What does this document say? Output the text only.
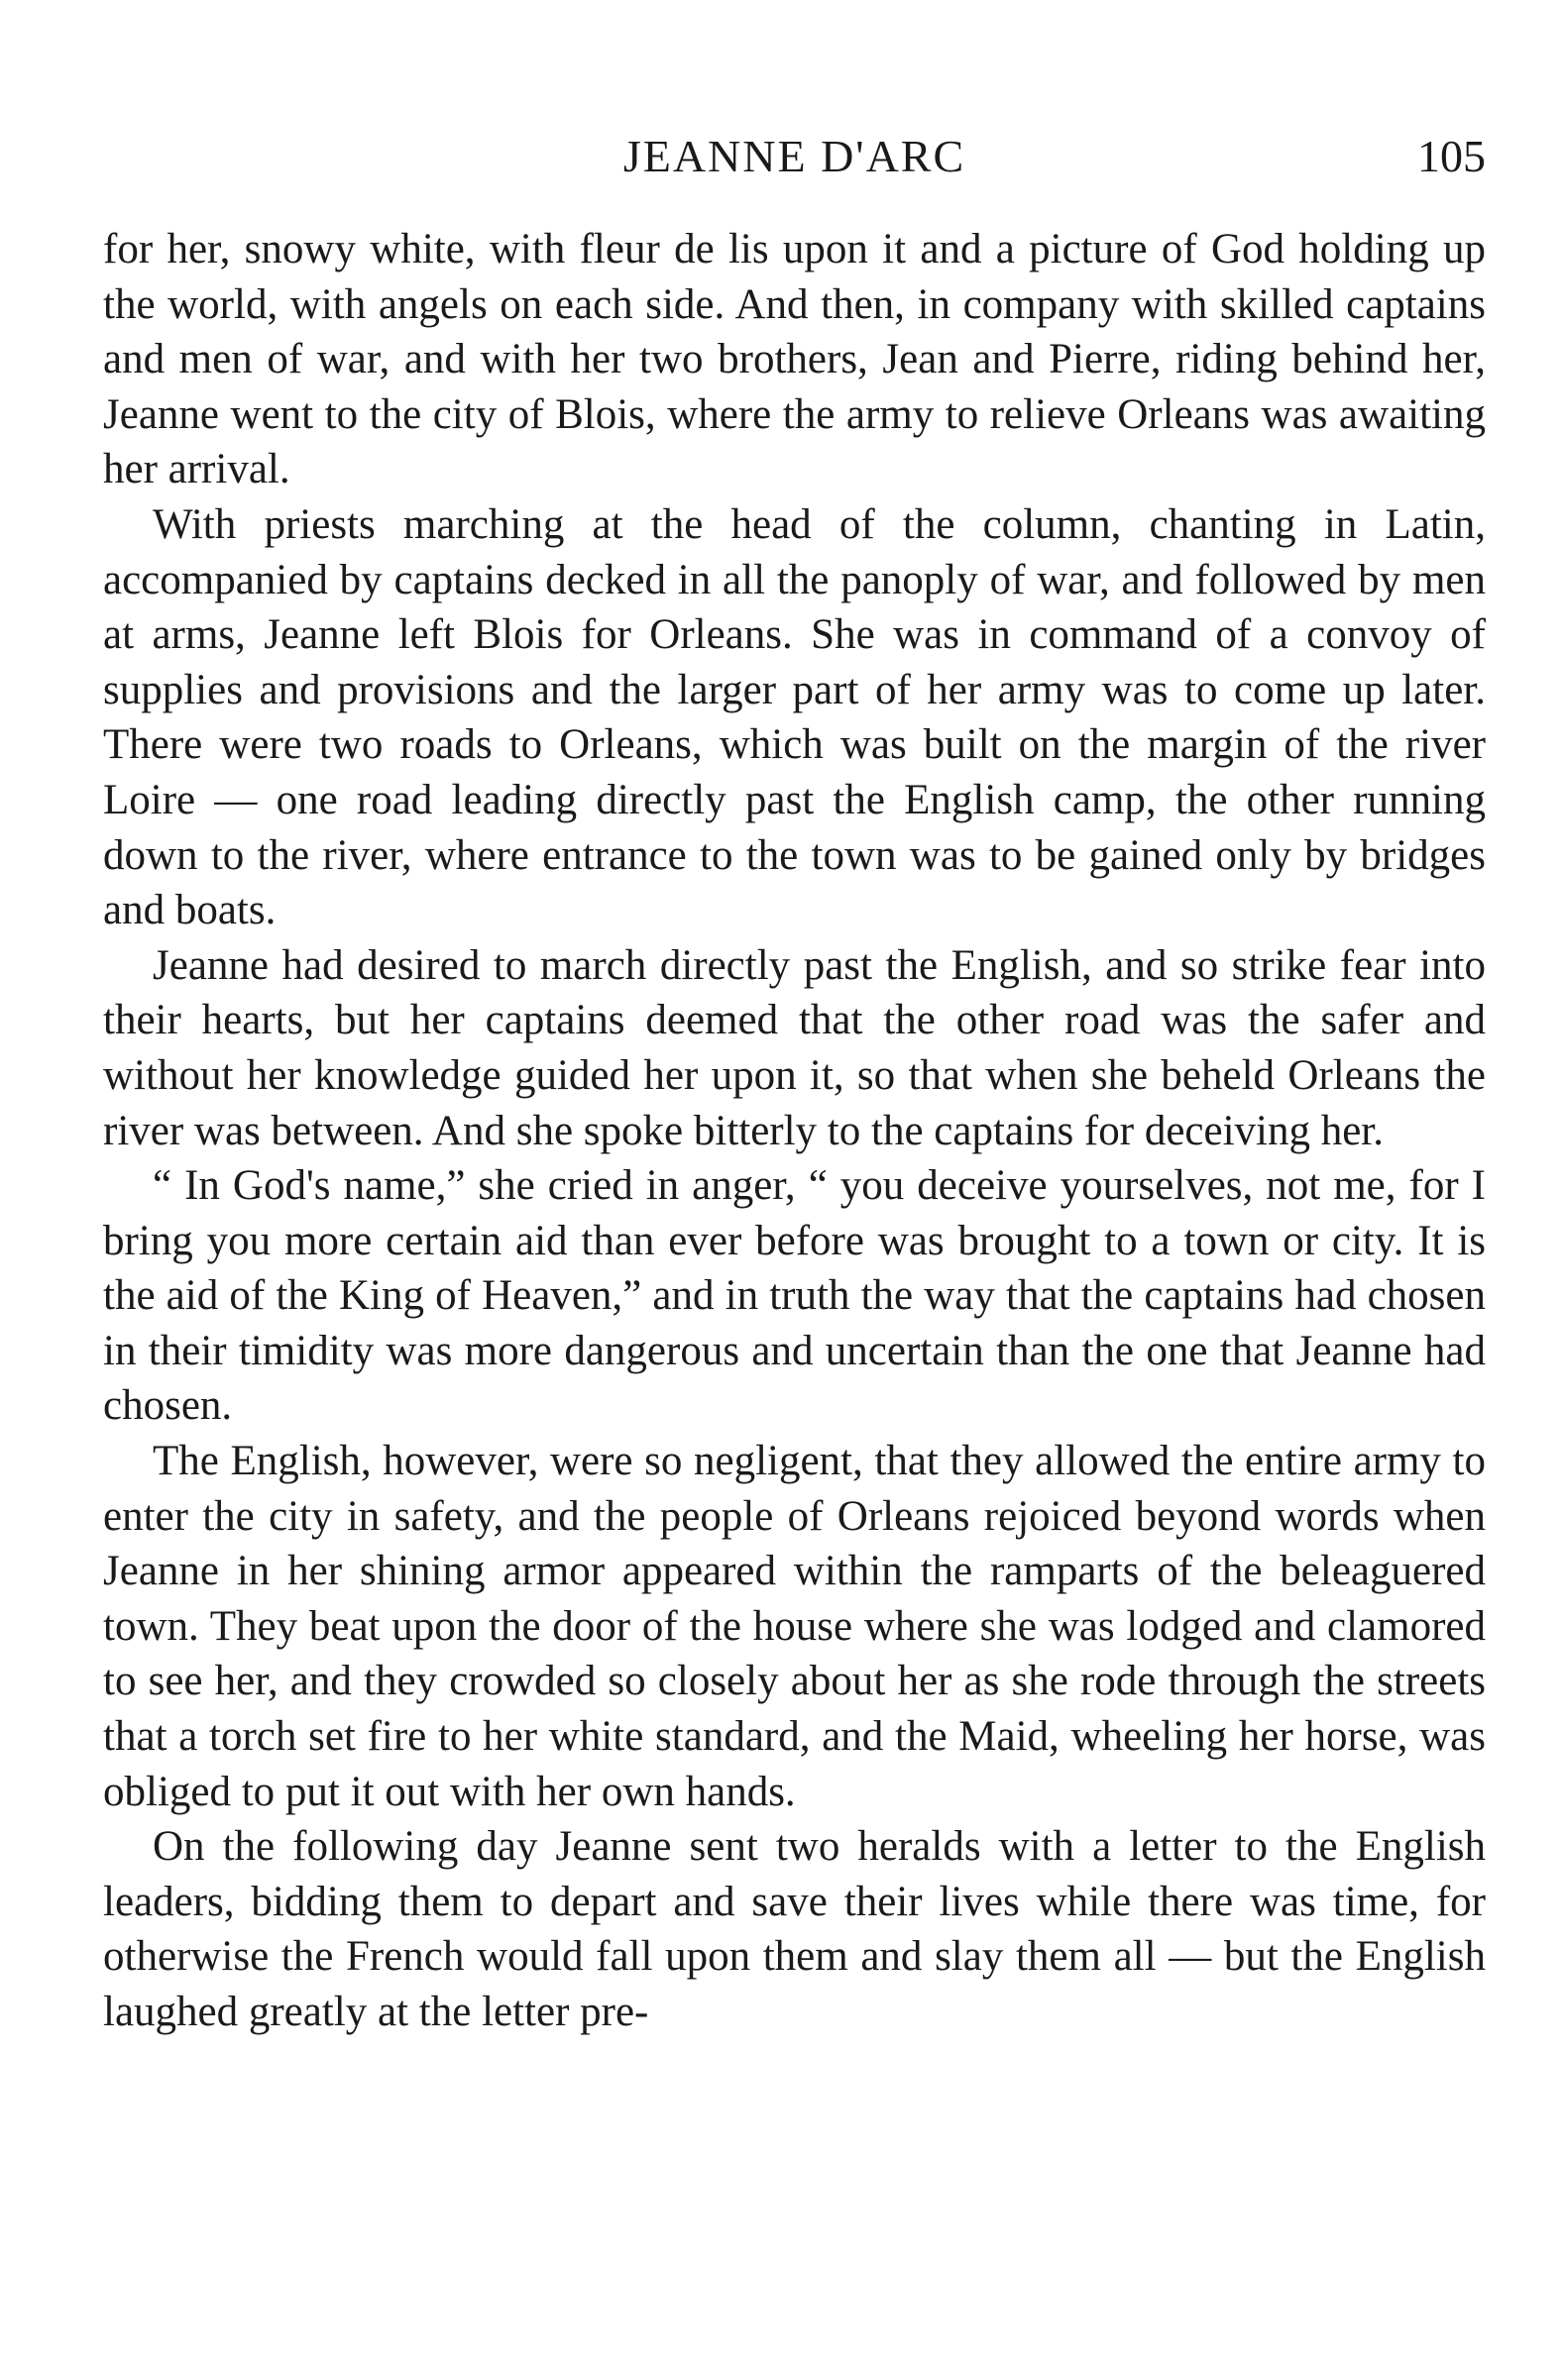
JEANNE D'ARC	105

for her, snowy white, with fleur de lis upon it and a picture of God holding up the world, with angels on each side. And then, in company with skilled captains and men of war, and with her two brothers, Jean and Pierre, riding behind her, Jeanne went to the city of Blois, where the army to relieve Orleans was awaiting her arrival.

With priests marching at the head of the column, chanting in Latin, accompanied by captains decked in all the panoply of war, and followed by men at arms, Jeanne left Blois for Orleans. She was in command of a convoy of supplies and provisions and the larger part of her army was to come up later. There were two roads to Orleans, which was built on the margin of the river Loire — one road leading directly past the English camp, the other running down to the river, where entrance to the town was to be gained only by bridges and boats.

Jeanne had desired to march directly past the English, and so strike fear into their hearts, but her captains deemed that the other road was the safer and without her knowledge guided her upon it, so that when she beheld Orleans the river was between. And she spoke bitterly to the captains for deceiving her.

“ In God's name,” she cried in anger, “ you deceive yourselves, not me, for I bring you more certain aid than ever before was brought to a town or city. It is the aid of the King of Heaven,” and in truth the way that the captains had chosen in their timidity was more dangerous and uncertain than the one that Jeanne had chosen.

The English, however, were so negligent, that they allowed the entire army to enter the city in safety, and the people of Orleans rejoiced beyond words when Jeanne in her shining armor appeared within the ramparts of the beleaguered town. They beat upon the door of the house where she was lodged and clamored to see her, and they crowded so closely about her as she rode through the streets that a torch set fire to her white standard, and the Maid, wheeling her horse, was obliged to put it out with her own hands.

On the following day Jeanne sent two heralds with a letter to the English leaders, bidding them to depart and save their lives while there was time, for otherwise the French would fall upon them and slay them all — but the English laughed greatly at the letter pre-
